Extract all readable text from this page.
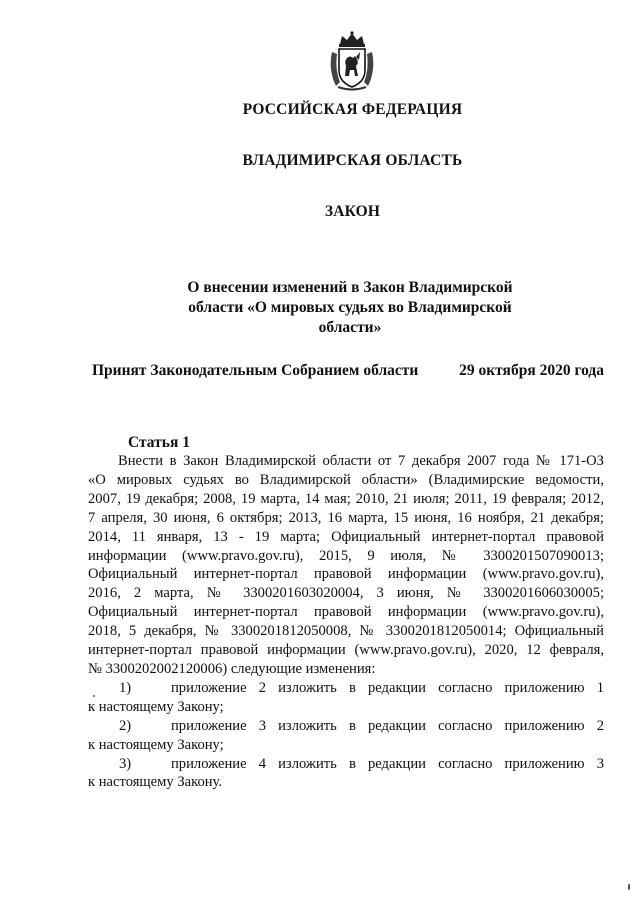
РОССИЙСКАЯ ФЕДЕРАЦИЯ
ВЛАДИМИРСКАЯ ОБЛАСТЬ
ЗАКОН
О внесении изменений в Закон Владимирской
области «О мировых судьях во Владимирской
области»
Принят Законодательным Собранием области	29 октября 2020 года
Статья 1
Внести в Закон Владимирской области от 7 декабря 2007 года № 171-ОЗ
«О мировых судьях во Владимирской области» (Владимирские ведомости,
2007, 19 декабря; 2008, 19 марта, 14 мая; 2010, 21 июля; 2011, 19 февраля; 2012,
7 апреля, 30 июня, 6 октября; 2013, 16 марта, 15 июня, 16 ноября, 21 декабря;
2014, 11 января, 13 - 19 марта; Официальный интернет-портал правовой
информации (www.pravo.gov.ru), 2015, 9 июля, № 3300201507090013;
Официальный интернет-портал правовой информации (www.pravo.gov.ru),
2016, 2 марта, № 3300201603020004, 3 июня, № 3300201606030005;
Официальный интернет-портал правовой информации (www.pravo.gov.ru),
2018, 5 декабря, № 3300201812050008, № 3300201812050014; Официальный
интернет-портал правовой информации (www.pravo.gov.ru), 2020, 12 февраля,
№ 3300202002120006) следующие изменения:
1)	приложение 2 изложить в редакции согласно приложению 1
к настоящему Закону;
2)	приложение 3 изложить в редакции согласно приложению 2
к настоящему Закону;
3)	приложение 4 изложить в редакции согласно приложению 3
к настоящему Закону.
